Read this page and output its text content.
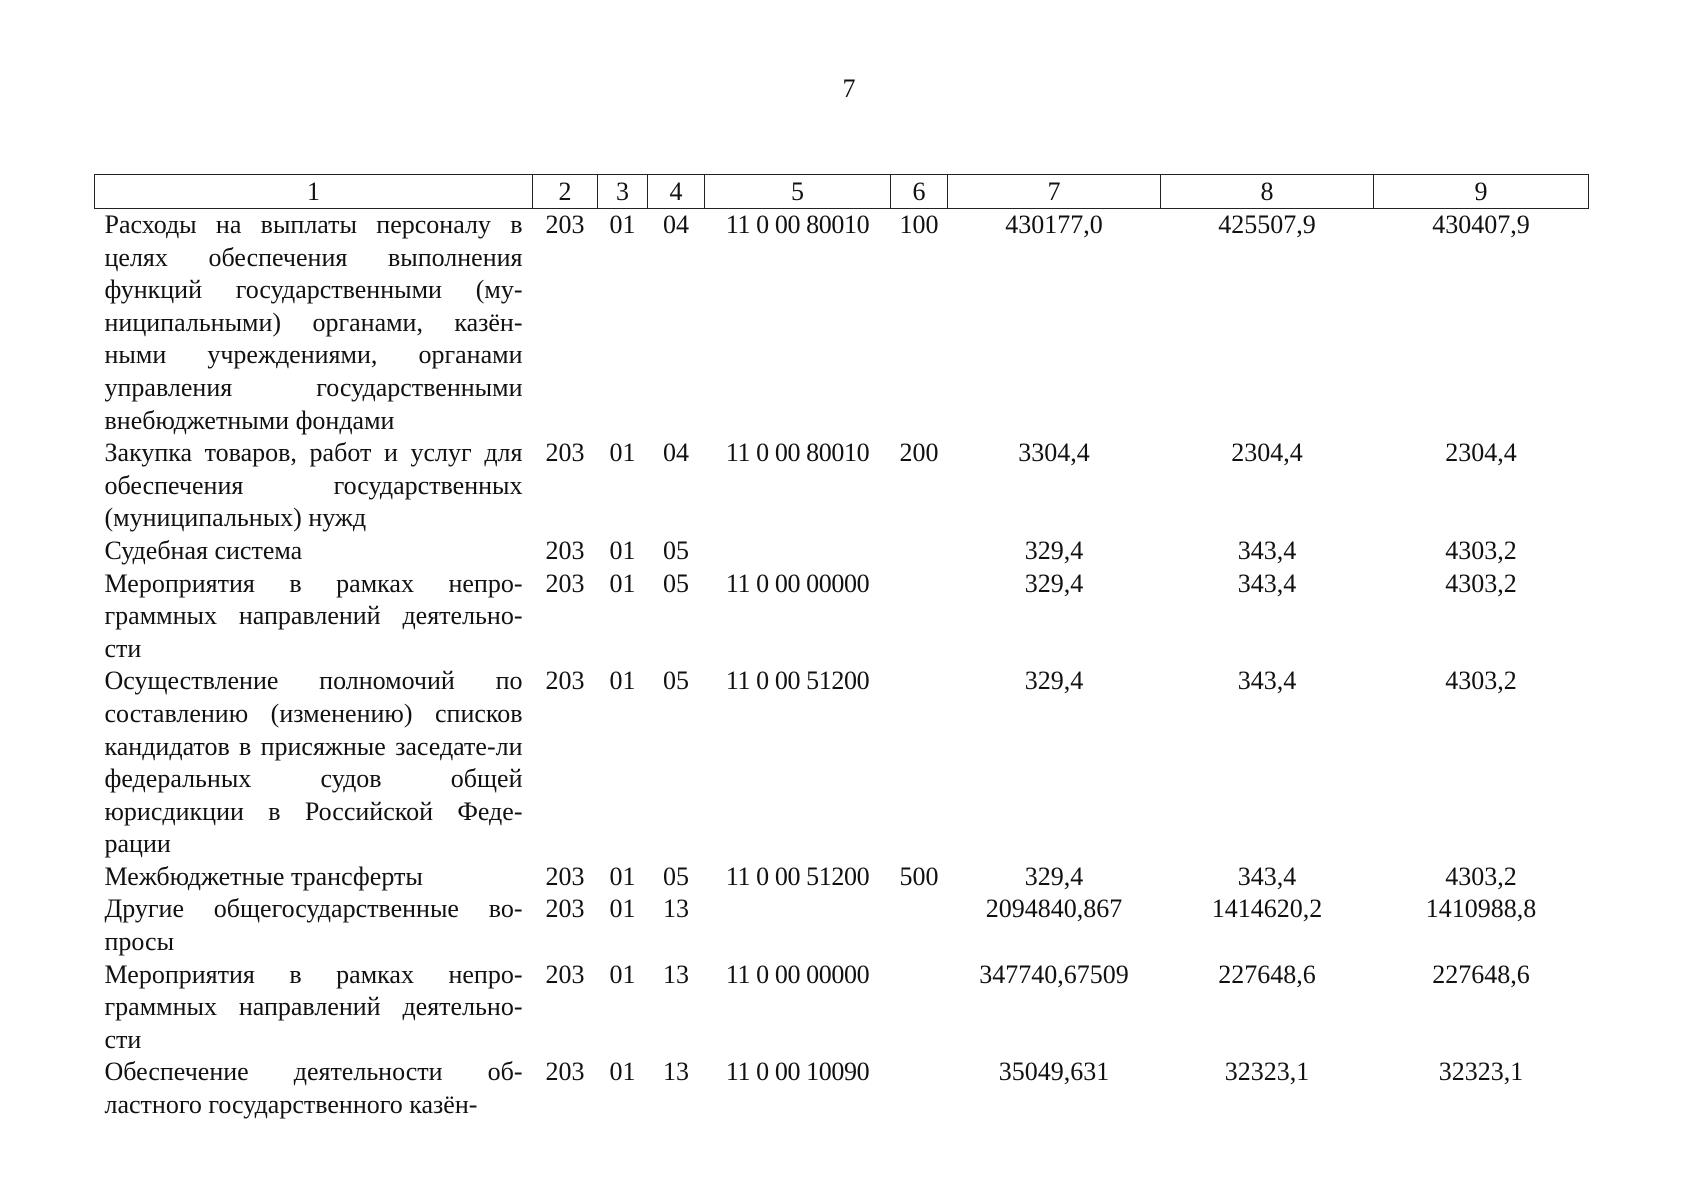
7
1	2	3	4	5	6	7	8	9
Расходы на выплаты персоналу в целях обеспечения выполнения функций государственными (му-ниципальными) органами, казён-ными учреждениями, органами управления государственными внебюджетными фондами	203	01	04	11 0 00 80010	100	430177,0	425507,9	430407,9
Закупка товаров, работ и услуг для обеспечения государственных (муниципальных) нужд	203	01	04	11 0 00 80010	200	3304,4	2304,4	2304,4
Судебная система	203	01	05			329,4	343,4	4303,2
Мероприятия в рамках непро-граммных направлений деятельно-сти	203	01	05	11 0 00 00000		329,4	343,4	4303,2
Осуществление полномочий по составлению (изменению) списков кандидатов в присяжные заседате-ли федеральных судов общей юрисдикции в Российской Феде-рации	203	01	05	11 0 00 51200		329,4	343,4	4303,2
Межбюджетные трансферты	203	01	05	11 0 00 51200	500	329,4	343,4	4303,2
Другие общегосударственные во-просы	203	01	13			2094840,867	1414620,2	1410988,8
Мероприятия в рамках непро-граммных направлений деятельно-сти	203	01	13	11 0 00 00000		347740,67509	227648,6	227648,6
Обеспечение деятельности об-ластного государственного казён-	203	01	13	11 0 00 10090		35049,631	32323,1	32323,1
